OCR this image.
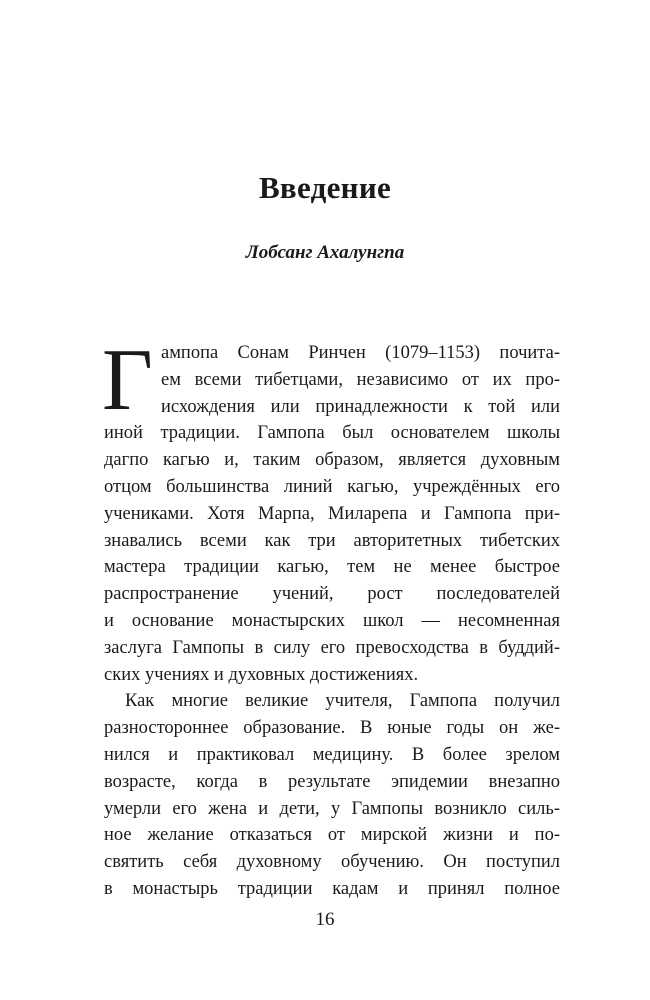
Введение

Лобсанг Ахалунгпа

Г ампопа Сонам Ринчен (1079–1153) почита-
ем всеми тибетцами, независимо от их про-
исхождения или принадлежности к той или
иной традиции. Гампопа был основателем школы
дагпо кагью и, таким образом, является духовным
отцом большинства линий кагью, учреждённых его
учениками. Хотя Марпа, Миларепа и Гампопа при-
знавались всеми как три авторитетных тибетских
мастера традиции кагью, тем не менее быстрое
распространение учений, рост последователей
и основание монастырских школ — несомненная
заслуга Гампопы в силу его превосходства в буддий-
ских учениях и духовных достижениях.
Как многие великие учителя, Гампопа получил
разностороннее образование. В юные годы он же-
нился и практиковал медицину. В более зрелом
возрасте, когда в результате эпидемии внезапно
умерли его жена и дети, у Гампопы возникло силь-
ное желание отказаться от мирской жизни и по-
святить себя духовному обучению. Он поступил
в монастырь традиции кадам и принял полное
16
